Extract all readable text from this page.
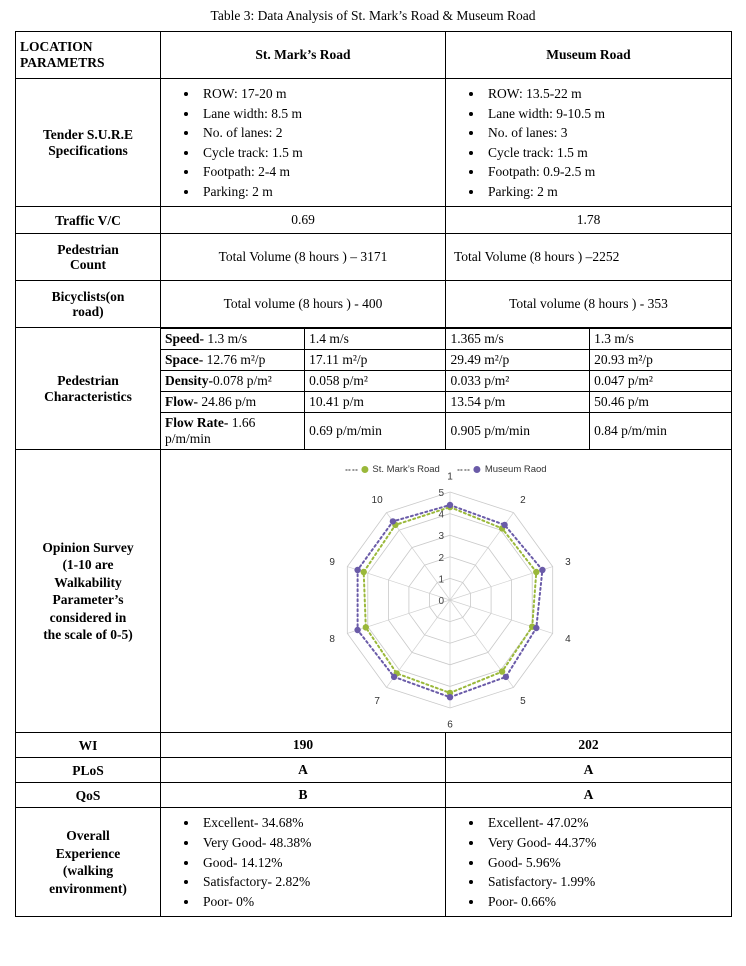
Table 3: Data Analysis of St. Mark’s Road & Museum Road
LOCATION
PARAMETRS
	St. Mark’s Road	Museum Road

Tender S.U.R.E
Specifications

• ROW: 17-20 m
• Lane width: 8.5 m
• No. of lanes: 2
• Cycle track: 1.5 m
• Footpath: 2-4 m
• Parking: 2 m

• ROW: 13.5-22 m
• Lane width: 9-10.5 m
• No. of lanes: 3
• Cycle track: 1.5 m
• Footpath: 0.9-2.5 m
• Parking: 2 m

Traffic V/C	0.69	1.78

Pedestrian
Count
	Total Volume (8 hours ) – 3171	Total Volume (8 hours ) –2252

Bicyclists(on
road)
	Total volume (8 hours ) - 400	Total volume (8 hours ) - 353

Pedestrian
Characteristics

Speed- 1.3 m/s	1.4 m/s	1.365 m/s	1.3 m/s
Space- 12.76 m²/p	17.11 m²/p	29.49 m²/p	20.93 m²/p
Density-0.078 p/m²	0.058 p/m²	0.033 p/m²	0.047 p/m²
Flow- 24.86 p/m	10.41 p/m	13.54 p/m	50.46 p/m
Flow Rate- 1.66 p/m/min	0.69 p/m/min	0.905 p/m/min	0.84 p/m/min

Opinion Survey
(1-10 are
Walkability
Parameter’s
considered in
the scale of 0-5)

St. Mark’s Road	Museum Raod
0
1
2
3
4
5
1
2
3
4
5
6
7
8
9
10

WI	190	202
PLoS	A	A
QoS	B	A

Overall
Experience
(walking
environment)

• Excellent- 34.68%
• Very Good- 48.38%
• Good- 14.12%
• Satisfactory- 2.82%
• Poor- 0%

• Excellent- 47.02%
• Very Good- 44.37%
• Good- 5.96%
• Satisfactory- 1.99%
• Poor- 0.66%
